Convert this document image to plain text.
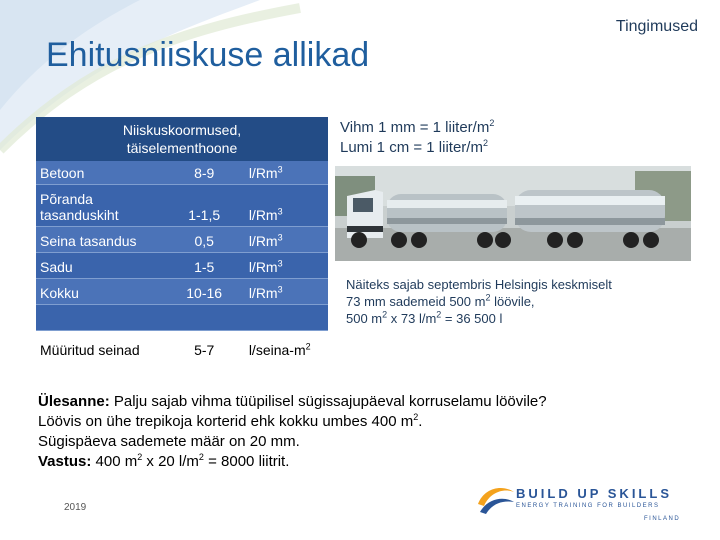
Tingimused
Ehitusniiskuse allikad
Niiskuskoormused,
täiselementhoone
Betoon	8-9	l/Rm$^3$
Põranda tasanduskiht	1-1,5	l/Rm$^3$
Seina tasandus	0,5	l/Rm$^3$
Sadu	1-5	l/Rm$^3$
Kokku	10-16	l/Rm$^3$
Müüritud seinad	5-7	$l/seina-m^2$
Vihm 1 mm = 1 liiter/$m^2$
Lumi 1 cm = 1 liiter/$m^2$
Näiteks sajab septembris Helsingis keskmiselt
73 mm sademeid 500 $m^2$ löövile,
500 $m^2$ x 73 $l/m^2 = 36$ 500 l
Ülesanne: Palju sajab vihma tüüpilisel sügissajupäeval korruselamu löövile?
Löövis on ühe trepikoja korterid ehk kokku umbes 400 $m^2$.
Sügispäeva sademete määr on 20 mm.
Vastus: 400 $m^2$ x 20 $l/m^2 = 8000$ liitrit.
2019
BUILD UP SKILLS
ENERGY TRAINING FOR BUILDERS
FINLAND
